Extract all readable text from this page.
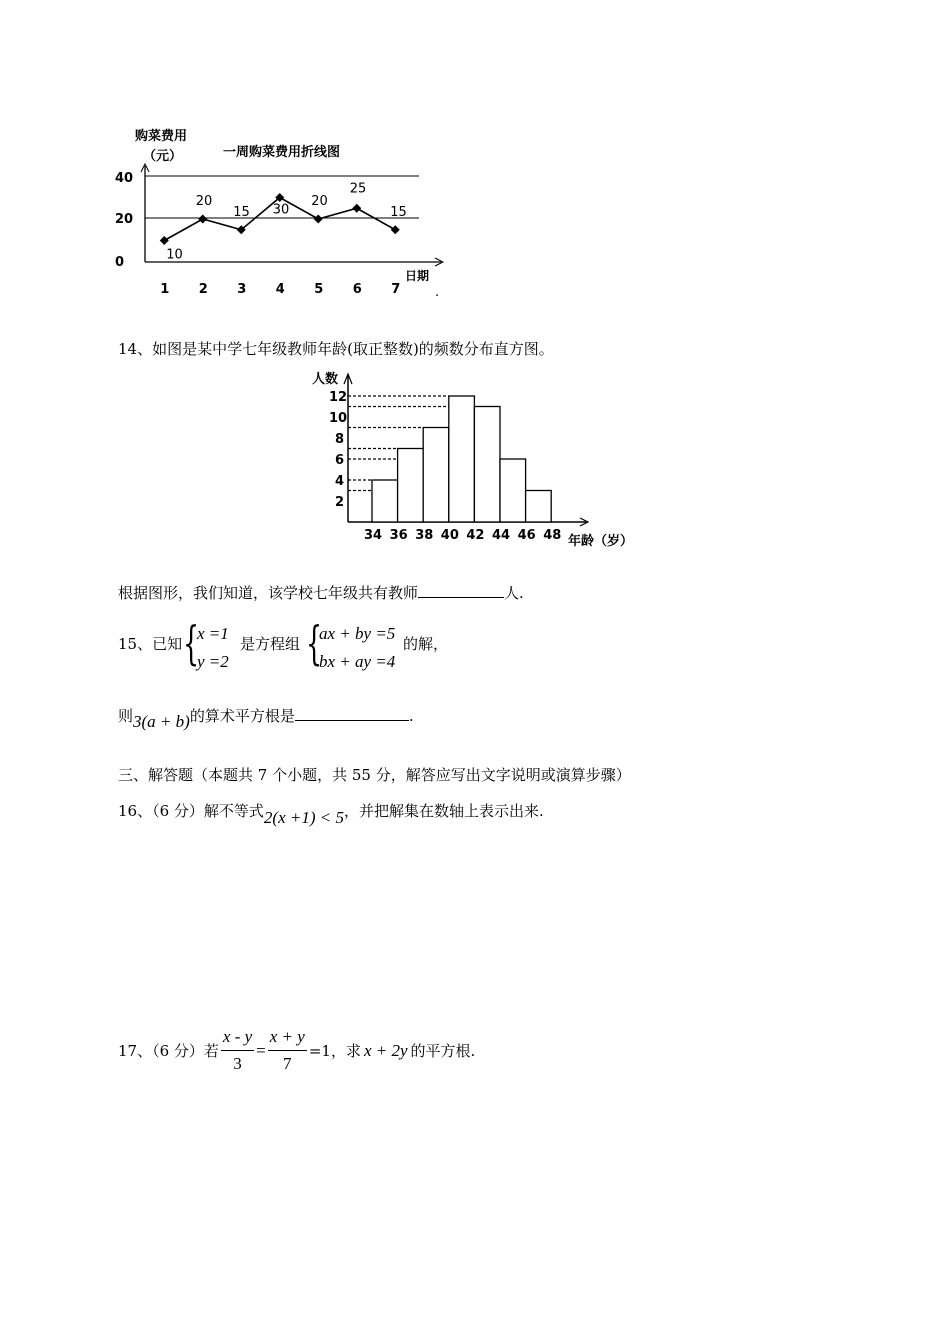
购菜费用
（元）	一周购菜费用折线图
0
20
40
日期
10
1
20
2
15
3
30
4
20
5
25
6
15
7	.
14、如图是某中学七年级教师年龄(取正整数)的频数分布直方图。
人数
年龄（岁）
2
4
6
8
10
12
34 36 38 40 42 44 46 48
根据图形，我们知道，该学校七年级共有教师	人.
15、已知 {
x =1
y =2
是方程组 {
ax + by =5
bx + ay =4
的解，
则3(a + b)的算术平方根是	.
三、解答题（本题共 7 个小题，共 55 分，解答应写出文字说明或演算步骤）
16、（6 分）解不等式2(x +1) < 5，并把解集在数轴上表示出来.
17、（6 分）若 $\frac{x - y}{3} = \frac{x + y}{7} =1$，求 x + 2y 的平方根.
